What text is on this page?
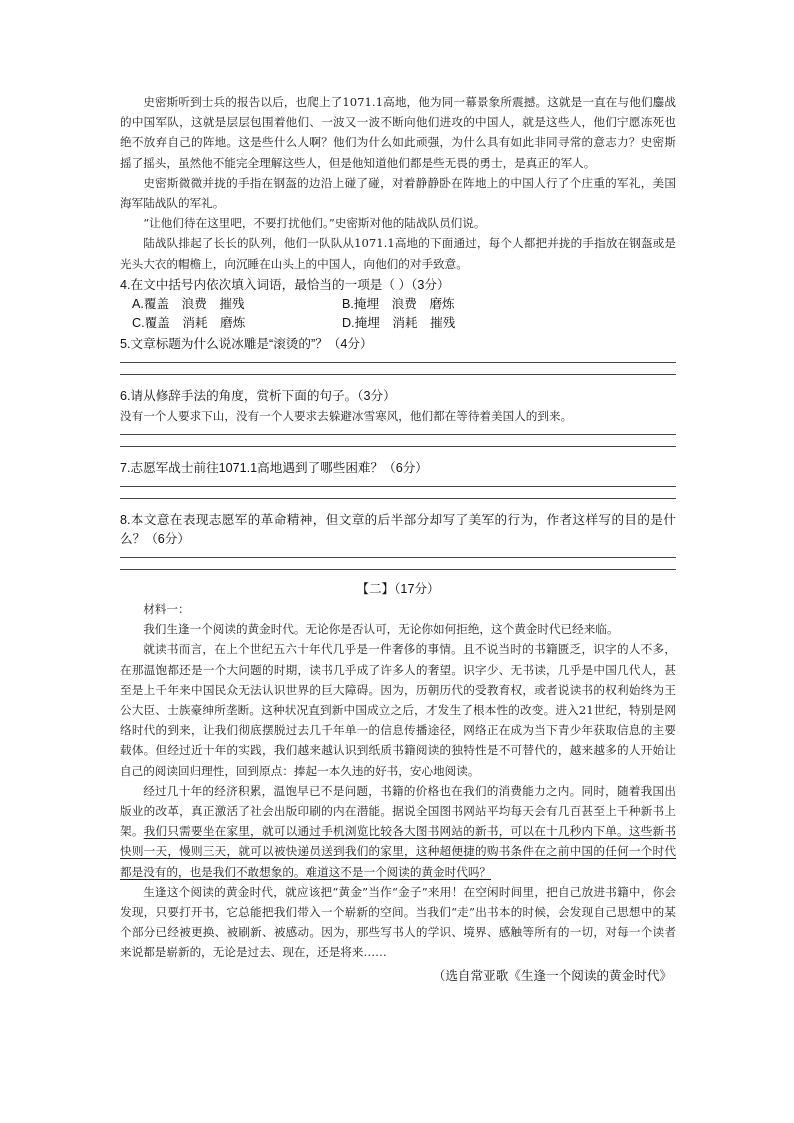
史密斯听到士兵的报告以后，也爬上了1071.1高地，他为同一幕景象所震撼。这就是一直在与他们鏖战的中国军队，这就是层层包围着他们、一波又一波不断向他们进攻的中国人，就是这些人，他们宁愿冻死也绝不放弃自己的阵地。这是些什么人啊？他们为什么如此顽强，为什么具有如此非同寻常的意志力？史密斯摇了摇头，虽然他不能完全理解这些人，但是他知道他们都是些无畏的勇士，是真正的军人。

史密斯微微并拢的手指在钢盔的边沿上碰了碰，对着静静卧在阵地上的中国人行了个庄重的军礼，美国海军陆战队的军礼。

“让他们待在这里吧，不要打扰他们。”史密斯对他的陆战队员们说。

陆战队排起了长长的队列，他们一队队从1071.1高地的下面通过，每个人都把并拢的手指放在钢盔或是光头大衣的帽檐上，向沉睡在山头上的中国人，向他们的对手致意。

4.在文中括号内依次填入词语，最恰当的一项是（ ）（3分）

A.覆盖　浪费　摧残	B.掩埋　浪费　磨炼
C.覆盖　消耗　磨炼	D.掩埋　消耗　摧残

5.文章标题为什么说冰雕是“滚烫的”？（4分）

6.请从修辞手法的角度，赏析下面的句子。（3分）

没有一个人要求下山，没有一个人要求去躲避冰雪寒风，他们都在等待着美国人的到来。

7.志愿军战士前往1071.1高地遇到了哪些困难？（6分）

8.本文意在表现志愿军的革命精神，但文章的后半部分却写了美军的行为，作者这样写的目的是什么？（6分）

【二】（17分）

材料一：

我们生逢一个阅读的黄金时代。无论你是否认可，无论你如何拒绝，这个黄金时代已经来临。

就读书而言，在上个世纪五六十年代几乎是一件奢侈的事情。且不说当时的书籍匮乏，识字的人不多，在那温饱都还是一个大问题的时期，读书几乎成了许多人的奢望。识字少、无书读，几乎是中国几代人，甚至是上千年来中国民众无法认识世界的巨大障碍。因为，历朝历代的受教育权，或者说读书的权利始终为王公大臣、士族豪绅所垄断。这种状况直到新中国成立之后，才发生了根本性的改变。进入21世纪，特别是网络时代的到来，让我们彻底摆脱过去几千年单一的信息传播途径，网络正在成为当下青少年获取信息的主要载体。但经过近十年的实践，我们越来越认识到纸质书籍阅读的独特性是不可替代的，越来越多的人开始让自己的阅读回归理性，回到原点：捧起一本久违的好书，安心地阅读。

经过几十年的经济积累，温饱早已不是问题，书籍的价格也在我们的消费能力之内。同时，随着我国出版业的改革，真正激活了社会出版印刷的内在潜能。据说全国图书网站平均每天会有几百甚至上千种新书上架。我们只需要坐在家里，就可以通过手机浏览比较各大图书网站的新书，可以在十几秒内下单。这些新书快则一天，慢则三天，就可以被快递员送到我们的家里，这种超便捷的购书条件在之前中国的任何一个时代都是没有的，也是我们不敢想象的。难道这不是一个阅读的黄金时代吗？

生逢这个阅读的黄金时代，就应该把“黄金”当作“金子”来用！在空闲时间里，把自己放进书籍中，你会发现，只要打开书，它总能把我们带入一个崭新的空间。当我们“走”出书本的时候，会发现自己思想中的某个部分已经被更换、被刷新、被感动。因为，那些写书人的学识、境界、感触等所有的一切，对每一个读者来说都是崭新的，无论是过去、现在，还是将来……

（选自常亚歌《生逢一个阅读的黄金时代》
